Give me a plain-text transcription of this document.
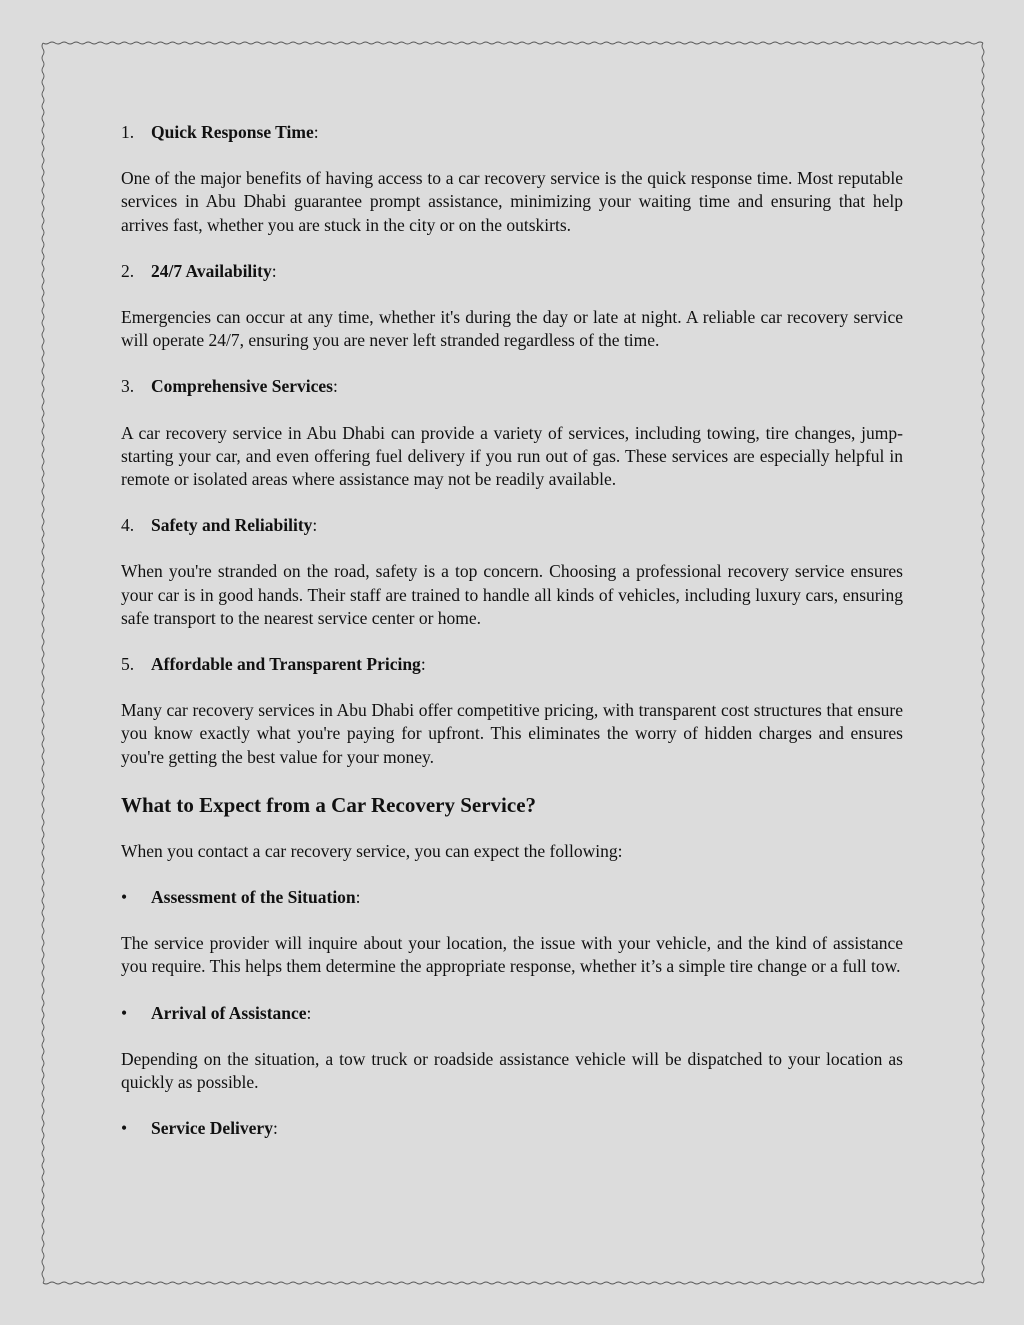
1. Quick Response Time:

One of the major benefits of having access to a car recovery service is the quick response time. Most reputable services in Abu Dhabi guarantee prompt assistance, minimizing your waiting time and ensuring that help arrives fast, whether you are stuck in the city or on the outskirts.

2. 24/7 Availability:

Emergencies can occur at any time, whether it's during the day or late at night. A reliable car recovery service will operate 24/7, ensuring you are never left stranded regardless of the time.

3. Comprehensive Services:

A car recovery service in Abu Dhabi can provide a variety of services, including towing, tire changes, jump-starting your car, and even offering fuel delivery if you run out of gas. These services are especially helpful in remote or isolated areas where assistance may not be readily available.

4. Safety and Reliability:

When you're stranded on the road, safety is a top concern. Choosing a professional recovery service ensures your car is in good hands. Their staff are trained to handle all kinds of vehicles, including luxury cars, ensuring safe transport to the nearest service center or home.

5. Affordable and Transparent Pricing:

Many car recovery services in Abu Dhabi offer competitive pricing, with transparent cost structures that ensure you know exactly what you're paying for upfront. This eliminates the worry of hidden charges and ensures you're getting the best value for your money.

What to Expect from a Car Recovery Service?

When you contact a car recovery service, you can expect the following:

•
Assessment of the Situation:

The service provider will inquire about your location, the issue with your vehicle, and the kind of assistance you require. This helps them determine the appropriate response, whether it’s a simple tire change or a full tow.

•
Arrival of Assistance:

Depending on the situation, a tow truck or roadside assistance vehicle will be dispatched to your location as quickly as possible.

•
Service Delivery:
